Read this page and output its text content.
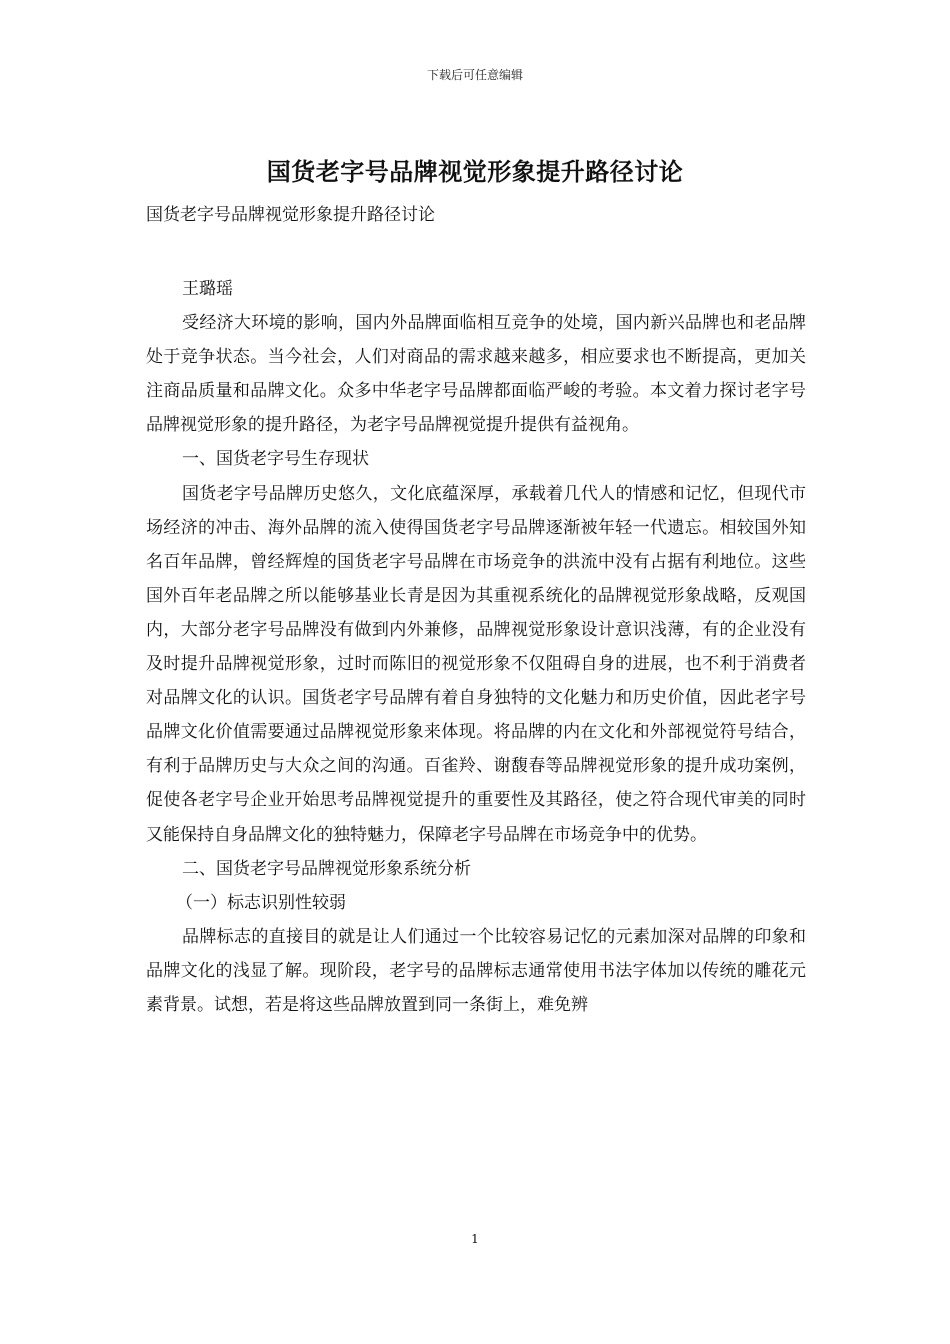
下载后可任意编辑
国货老字号品牌视觉形象提升路径讨论
国货老字号品牌视觉形象提升路径讨论

王璐瑶

受经济大环境的影响，国内外品牌面临相互竞争的处境，国内新兴品牌也和老品牌处于竞争状态。当今社会，人们对商品的需求越来越多，相应要求也不断提高，更加关注商品质量和品牌文化。众多中华老字号品牌都面临严峻的考验。本文着力探讨老字号品牌视觉形象的提升路径，为老字号品牌视觉提升提供有益视角。

一、国货老字号生存现状

国货老字号品牌历史悠久，文化底蕴深厚，承载着几代人的情感和记忆，但现代市场经济的冲击、海外品牌的流入使得国货老字号品牌逐渐被年轻一代遗忘。相较国外知名百年品牌，曾经辉煌的国货老字号品牌在市场竞争的洪流中没有占据有利地位。这些国外百年老品牌之所以能够基业长青是因为其重视系统化的品牌视觉形象战略，反观国内，大部分老字号品牌没有做到内外兼修，品牌视觉形象设计意识浅薄，有的企业没有及时提升品牌视觉形象，过时而陈旧的视觉形象不仅阻碍自身的进展，也不利于消费者对品牌文化的认识。国货老字号品牌有着自身独特的文化魅力和历史价值，因此老字号品牌文化价值需要通过品牌视觉形象来体现。将品牌的内在文化和外部视觉符号结合，有利于品牌历史与大众之间的沟通。百雀羚、谢馥春等品牌视觉形象的提升成功案例，促使各老字号企业开始思考品牌视觉提升的重要性及其路径，使之符合现代审美的同时又能保持自身品牌文化的独特魅力，保障老字号品牌在市场竞争中的优势。

二、国货老字号品牌视觉形象系统分析

（一）标志识别性较弱

品牌标志的直接目的就是让人们通过一个比较容易记忆的元素加深对品牌的印象和品牌文化的浅显了解。现阶段，老字号的品牌标志通常使用书法字体加以传统的雕花元素背景。试想，若是将这些品牌放置到同一条街上，难免辨

1
